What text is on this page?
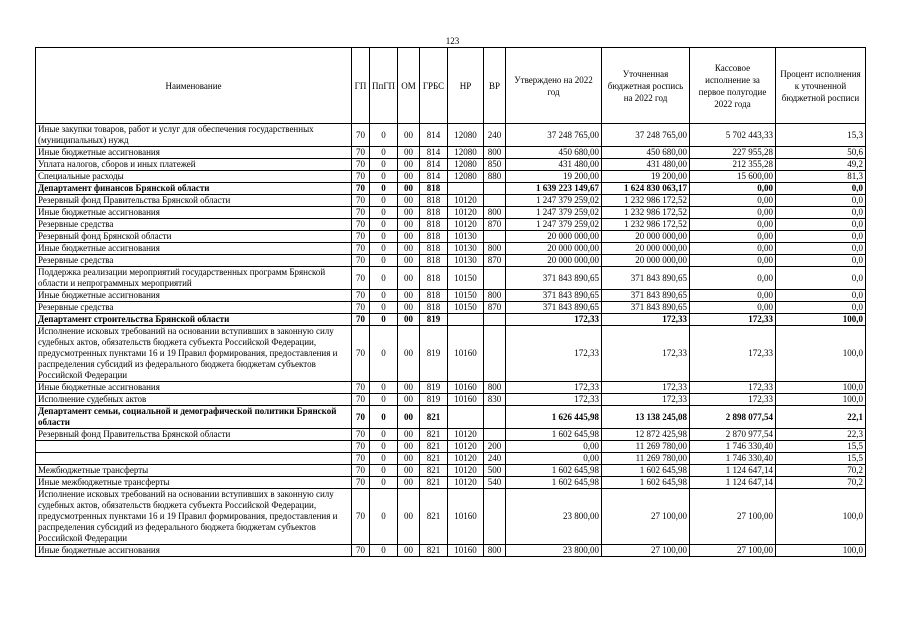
123
Наименование	ГП	ПпГП	ОМ	ГРБС	НР	ВР	Утверждено на 2022 год	Уточненная бюджетная роспись на 2022 год	Кассовое исполнение за первое полугодие 2022 года	Процент исполнения к уточненной бюджетной росписи
Иные закупки товаров, работ и услуг для обеспечения государственных (муниципальных) нужд	70	0	00	814	12080	240	37 248 765,00	37 248 765,00	5 702 443,33	15,3
Иные бюджетные ассигнования	70	0	00	814	12080	800	450 680,00	450 680,00	227 955,28	50,6
Уплата налогов, сборов и иных платежей	70	0	00	814	12080	850	431 480,00	431 480,00	212 355,28	49,2
Специальные расходы	70	0	00	814	12080	880	19 200,00	19 200,00	15 600,00	81,3
Департамент финансов Брянской области	70	0	00	818			1 639 223 149,67	1 624 830 063,17	0,00	0,0
Резервный фонд Правительства Брянской области	70	0	00	818	10120		1 247 379 259,02	1 232 986 172,52	0,00	0,0
Иные бюджетные ассигнования	70	0	00	818	10120	800	1 247 379 259,02	1 232 986 172,52	0,00	0,0
Резервные средства	70	0	00	818	10120	870	1 247 379 259,02	1 232 986 172,52	0,00	0,0
Резервный фонд Брянской области	70	0	00	818	10130		20 000 000,00	20 000 000,00	0,00	0,0
Иные бюджетные ассигнования	70	0	00	818	10130	800	20 000 000,00	20 000 000,00	0,00	0,0
Резервные средства	70	0	00	818	10130	870	20 000 000,00	20 000 000,00	0,00	0,0
Поддержка реализации мероприятий государственных программ Брянской области и непрограммных мероприятий	70	0	00	818	10150		371 843 890,65	371 843 890,65	0,00	0,0
Иные бюджетные ассигнования	70	0	00	818	10150	800	371 843 890,65	371 843 890,65	0,00	0,0
Резервные средства	70	0	00	818	10150	870	371 843 890,65	371 843 890,65	0,00	0,0
Департамент строительства Брянской области	70	0	00	819			172,33	172,33	172,33	100,0
Исполнение исковых требований на основании вступивших в законную силу судебных актов, обязательств бюджета субъекта Российской Федерации, предусмотренных пунктами 16 и 19 Правил формирования, предоставления и распределения субсидий из федерального бюджета бюджетам субъектов Российской Федерации	70	0	00	819	10160		172,33	172,33	172,33	100,0
Иные бюджетные ассигнования	70	0	00	819	10160	800	172,33	172,33	172,33	100,0
Исполнение судебных актов	70	0	00	819	10160	830	172,33	172,33	172,33	100,0
Департамент семьи, социальной и демографической политики Брянской области	70	0	00	821			1 626 445,98	13 138 245,08	2 898 077,54	22,1
Резервный фонд Правительства Брянской области	70	0	00	821	10120		1 602 645,98	12 872 425,98	2 870 977,54	22,3
	70	0	00	821	10120	200	0,00	11 269 780,00	1 746 330,40	15,5
	70	0	00	821	10120	240	0,00	11 269 780,00	1 746 330,40	15,5
Межбюджетные трансферты	70	0	00	821	10120	500	1 602 645,98	1 602 645,98	1 124 647,14	70,2
Иные межбюджетные трансферты	70	0	00	821	10120	540	1 602 645,98	1 602 645,98	1 124 647,14	70,2
Исполнение исковых требований на основании вступивших в законную силу судебных актов, обязательств бюджета субъекта Российской Федерации, предусмотренных пунктами 16 и 19 Правил формирования, предоставления и распределения субсидий из федерального бюджета бюджетам субъектов Российской Федерации	70	0	00	821	10160		23 800,00	27 100,00	27 100,00	100,0
Иные бюджетные ассигнования	70	0	00	821	10160	800	23 800,00	27 100,00	27 100,00	100,0
